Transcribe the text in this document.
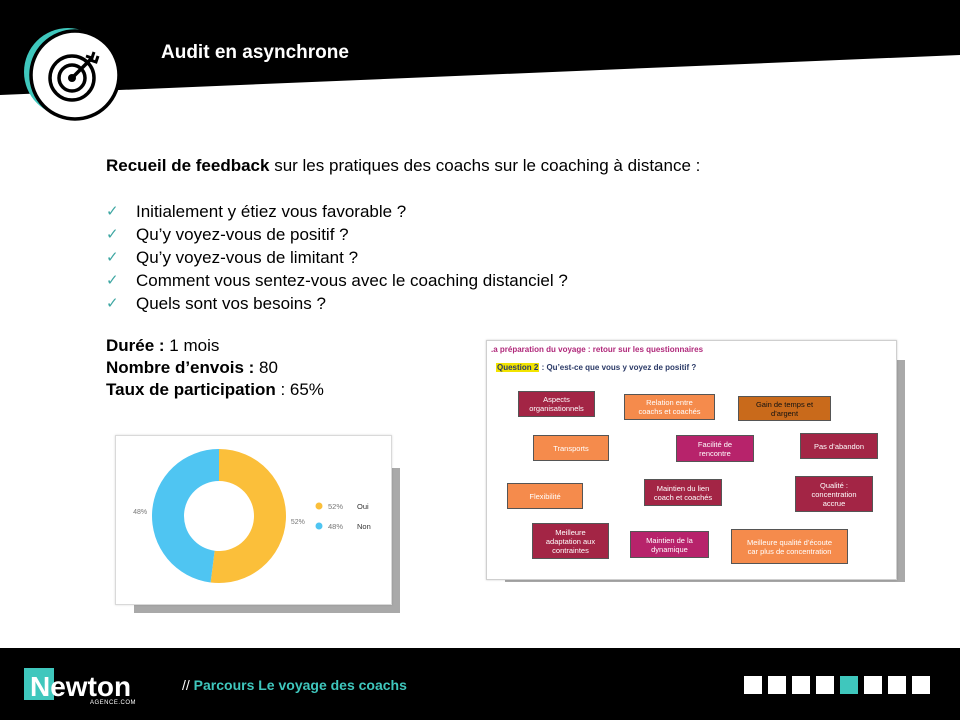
Audit en asynchrone
Recueil de feedback sur les pratiques des coachs sur le coaching à distance :
✓ Initialement y étiez vous favorable ?
✓ Qu’y voyez-vous de positif ?
✓ Qu’y voyez-vous de limitant ?
✓ Comment vous sentez-vous avec le coaching distanciel ?
✓ Quels sont vos besoins ?
Durée : 1 mois
Nombre d’envois : 80
Taux de participation : 65%
52%
48%
52% Oui
48% Non
.a préparation du voyage : retour sur les questionnaires
Question 2 : Qu’est-ce que vous y voyez de positif ?
Aspects
organisationnels
Relation entre
coachs et coachés
Gain de temps et
d’argent
Transports	Facilité de
rencontre
Pas d’abandon
Flexibilité
Maintien du lien
coach et coachés
Qualité :
concentration
accrue
Meilleure
adaptation aux
contraintes
Maintien de la
dynamique
Meilleure qualité d’écoute
car plus de concentration
Newton
AGENCE.COM
// Parcours Le voyage des coachs
